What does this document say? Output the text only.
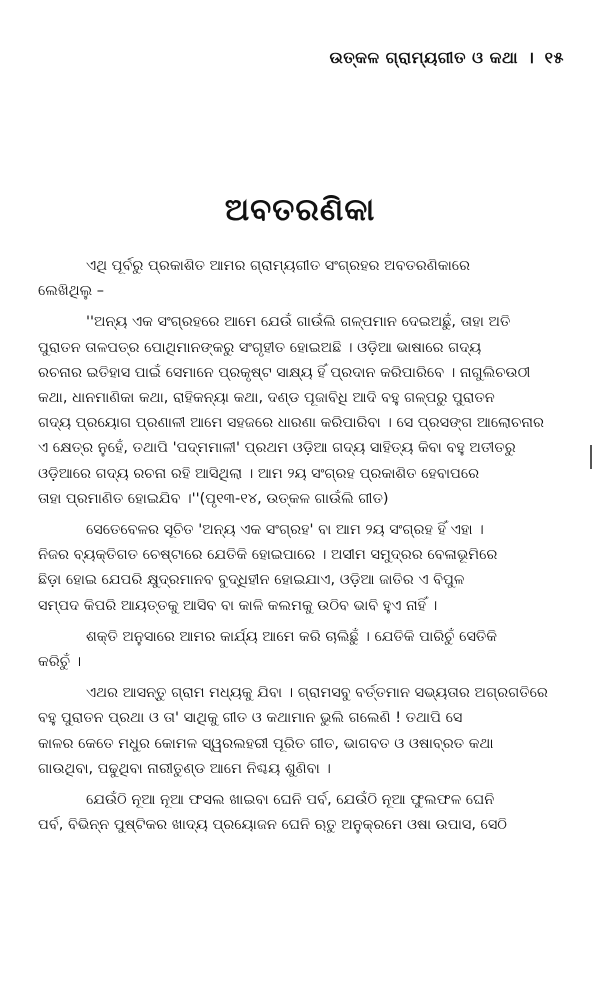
ଉତ୍କଳ ଗ୍ରାମ୍ୟଗୀତ ଓ କଥା । ୧୫
ଅବତରଣିକା
ଏଥି ପୂର୍ବରୁ ପ୍ରକାଶିତ ଆମର ଗ୍ରାମ୍ୟଗୀତ ସଂଗ୍ରହର ଅବତରଣିକାରେ
ଲେଖିଥିଲୁ –
''ଅନ୍ୟ ଏକ ସଂଗ୍ରହରେ ଆମେ ଯେଉଁ ଗାଉଁଲି ଗଳ୍ପମାନ ଦେଇଅଛୁଁ, ତାହା ଅତି
ପୁରାତନ ତାଳପତ୍ର ପୋଥିମାନଙ୍କରୁ ସଂଗୃହୀତ ହୋଇଅଛି । ଓଡ଼ିଆ ଭାଷାରେ ଗଦ୍ୟ
ରଚନାର ଇତିହାସ ପାଇଁ ସେମାନେ ପ୍ରକୃଷ୍ଟ ସାକ୍ଷ୍ୟ ହିଁ ପ୍ରଦାନ କରିପାରିବେ । ନାଗୁଲିଚଉଠୀ
କଥା, ଧାନମାଣିକା କଥା, ରାହିକନ୍ୟା କଥା, ଦଣ୍ଡ ପୂଜାବିଧି ଆଦି ବହୁ ଗଳ୍ପରୁ ପୁରାତନ
ଗଦ୍ୟ ପ୍ରୟୋଗ ପ୍ରଣାଳୀ ଆମେ ସହଜରେ ଧାରଣା କରିପାରିବା । ସେ ପ୍ରସଙ୍ଗ ଆଲୋଚନାର
ଏ କ୍ଷେତ୍ର ନୁହେଁ, ତଥାପି 'ପଦ୍ମମାଳୀ' ପ୍ରଥମ ଓଡ଼ିଆ ଗଦ୍ୟ ସାହିତ୍ୟ କିବା ବହୁ ଅତୀତରୁ
ଓଡ଼ିଆରେ ଗଦ୍ୟ ରଚନା ରହି ଆସିଥିଲା । ଆମ ୨ୟ ସଂଗ୍ରହ ପ୍ରକାଶିତ ହେବାପରେ
ତାହା ପ୍ରମାଣିତ ହୋଇଯିବ ।''(ପୃ୧୩-୧୪, ଉତ୍କଳ ଗାଉଁଲି ଗୀତ)
ସେତେବେଳର ସୂଚିତ 'ଅନ୍ୟ ଏକ ସଂଗ୍ରହ' ବା ଆମ ୨ୟ ସଂଗ୍ରହ ହିଁ ଏହା ।
ନିଜର ବ୍ୟକ୍ତିଗତ ଚେଷ୍ଟାରେ ଯେତିକି ହୋଇପାରେ । ଅସୀମ ସମୁଦ୍ରର ବେଳାଭୂମିରେ
ଛିଡ଼ା ହୋଇ ଯେପରି କ୍ଷୁଦ୍ରମାନବ ବୁଦ୍ଧିହୀନ ହୋଇଯାଏ, ଓଡ଼ିଆ ଜାତିର ଏ ବିପୁଳ
ସମ୍ପଦ କିପରି ଆୟତ୍ତକୁ ଆସିବ ବା କାଳି କଲମକୁ ଉଠିବ ଭାବି ହୁଏ ନାହିଁ ।
ଶକ୍ତି ଅନୁସାରେ ଆମର କାର୍ଯ୍ୟ ଆମେ କରି ଚାଲିଛୁଁ । ଯେତିକି ପାରିଚୁଁ ସେତିକି
କରିଚୁଁ ।
ଏଥର ଆସନ୍ତୁ ଗ୍ରାମ ମଧ୍ୟକୁ ଯିବା । ଗ୍ରାମସବୁ ବର୍ତ୍ତମାନ ସଭ୍ୟତାର ଅଗ୍ରଗତିରେ
ବହୁ ପୁରାତନ ପ୍ରଥା ଓ ତା' ସାଥିକୁ ଗୀତ ଓ କଥାମାନ ଭୁଲି ଗଲେଣି ! ତଥାପି ସେ
କାଳର କେତେ ମଧୁର କୋମଳ ସ୍ୱରଲହରୀ ପୂରିତ ଗୀତ, ଭାଗବତ ଓ ଓଷାବ୍ରତ କଥା
ଗାଉଥିବା, ପଢୁଥିବା ନାରୀତୁଣ୍ଡ ଆମେ ନିଶ୍ଚୟ ଶୁଣିବା ।
ଯେଉଁଠି ନୂଆ ନୂଆ ଫସଲ ଖାଇବା ଘେନି ପର୍ବ, ଯେଉଁଠି ନୂଆ ଫୁଲଫଳ ଘେନି
ପର୍ବ, ବିଭିନ୍ନ ପୁଷ୍ଟିକର ଖାଦ୍ୟ ପ୍ରୟୋଜନ ଘେନି ଋତୁ ଅନୁକ୍ରମେ ଓଷା ଉପାସ, ସେଠି
